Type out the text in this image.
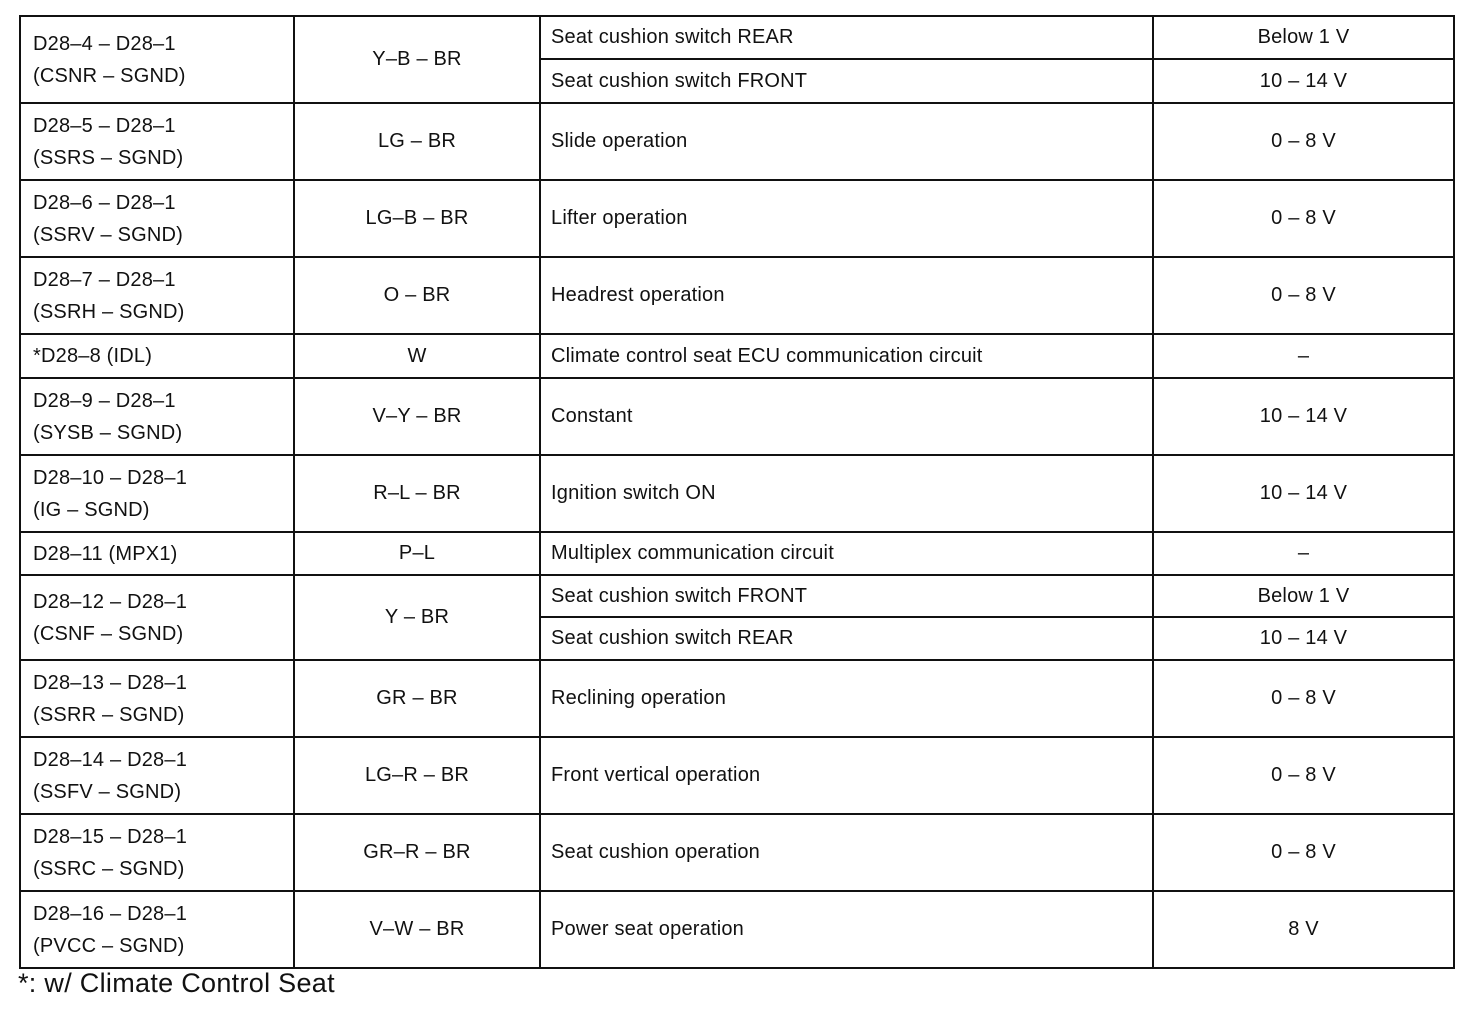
D28–4 – D28–1
(CSNR – SGND)	Y–B – BR	Seat cushion switch REAR	Below 1 V
		Seat cushion switch FRONT	10 – 14 V

D28–5 – D28–1
(SSRS – SGND)	LG – BR	Slide operation	0 – 8 V

D28–6 – D28–1
(SSRV – SGND)	LG–B – BR	Lifter operation	0 – 8 V

D28–7 – D28–1
(SSRH – SGND)	O – BR	Headrest operation	0 – 8 V

*D28–8 (IDL)	W	Climate control seat ECU communication circuit	–

D28–9 – D28–1
(SYSB – SGND)	V–Y – BR	Constant	10 – 14 V

D28–10 – D28–1
(IG – SGND)	R–L – BR	Ignition switch ON	10 – 14 V

D28–11 (MPX1)	P–L	Multiplex communication circuit	–

D28–12 – D28–1
(CSNF – SGND)	Y – BR	Seat cushion switch FRONT	Below 1 V
		Seat cushion switch REAR	10 – 14 V

D28–13 – D28–1
(SSRR – SGND)	GR – BR	Reclining operation	0 – 8 V

D28–14 – D28–1
(SSFV – SGND)	LG–R – BR	Front vertical operation	0 – 8 V

D28–15 – D28–1
(SSRC – SGND)	GR–R – BR	Seat cushion operation	0 – 8 V

D28–16 – D28–1
(PVCC – SGND)	V–W – BR	Power seat operation	8 V
*: w/ Climate Control Seat
